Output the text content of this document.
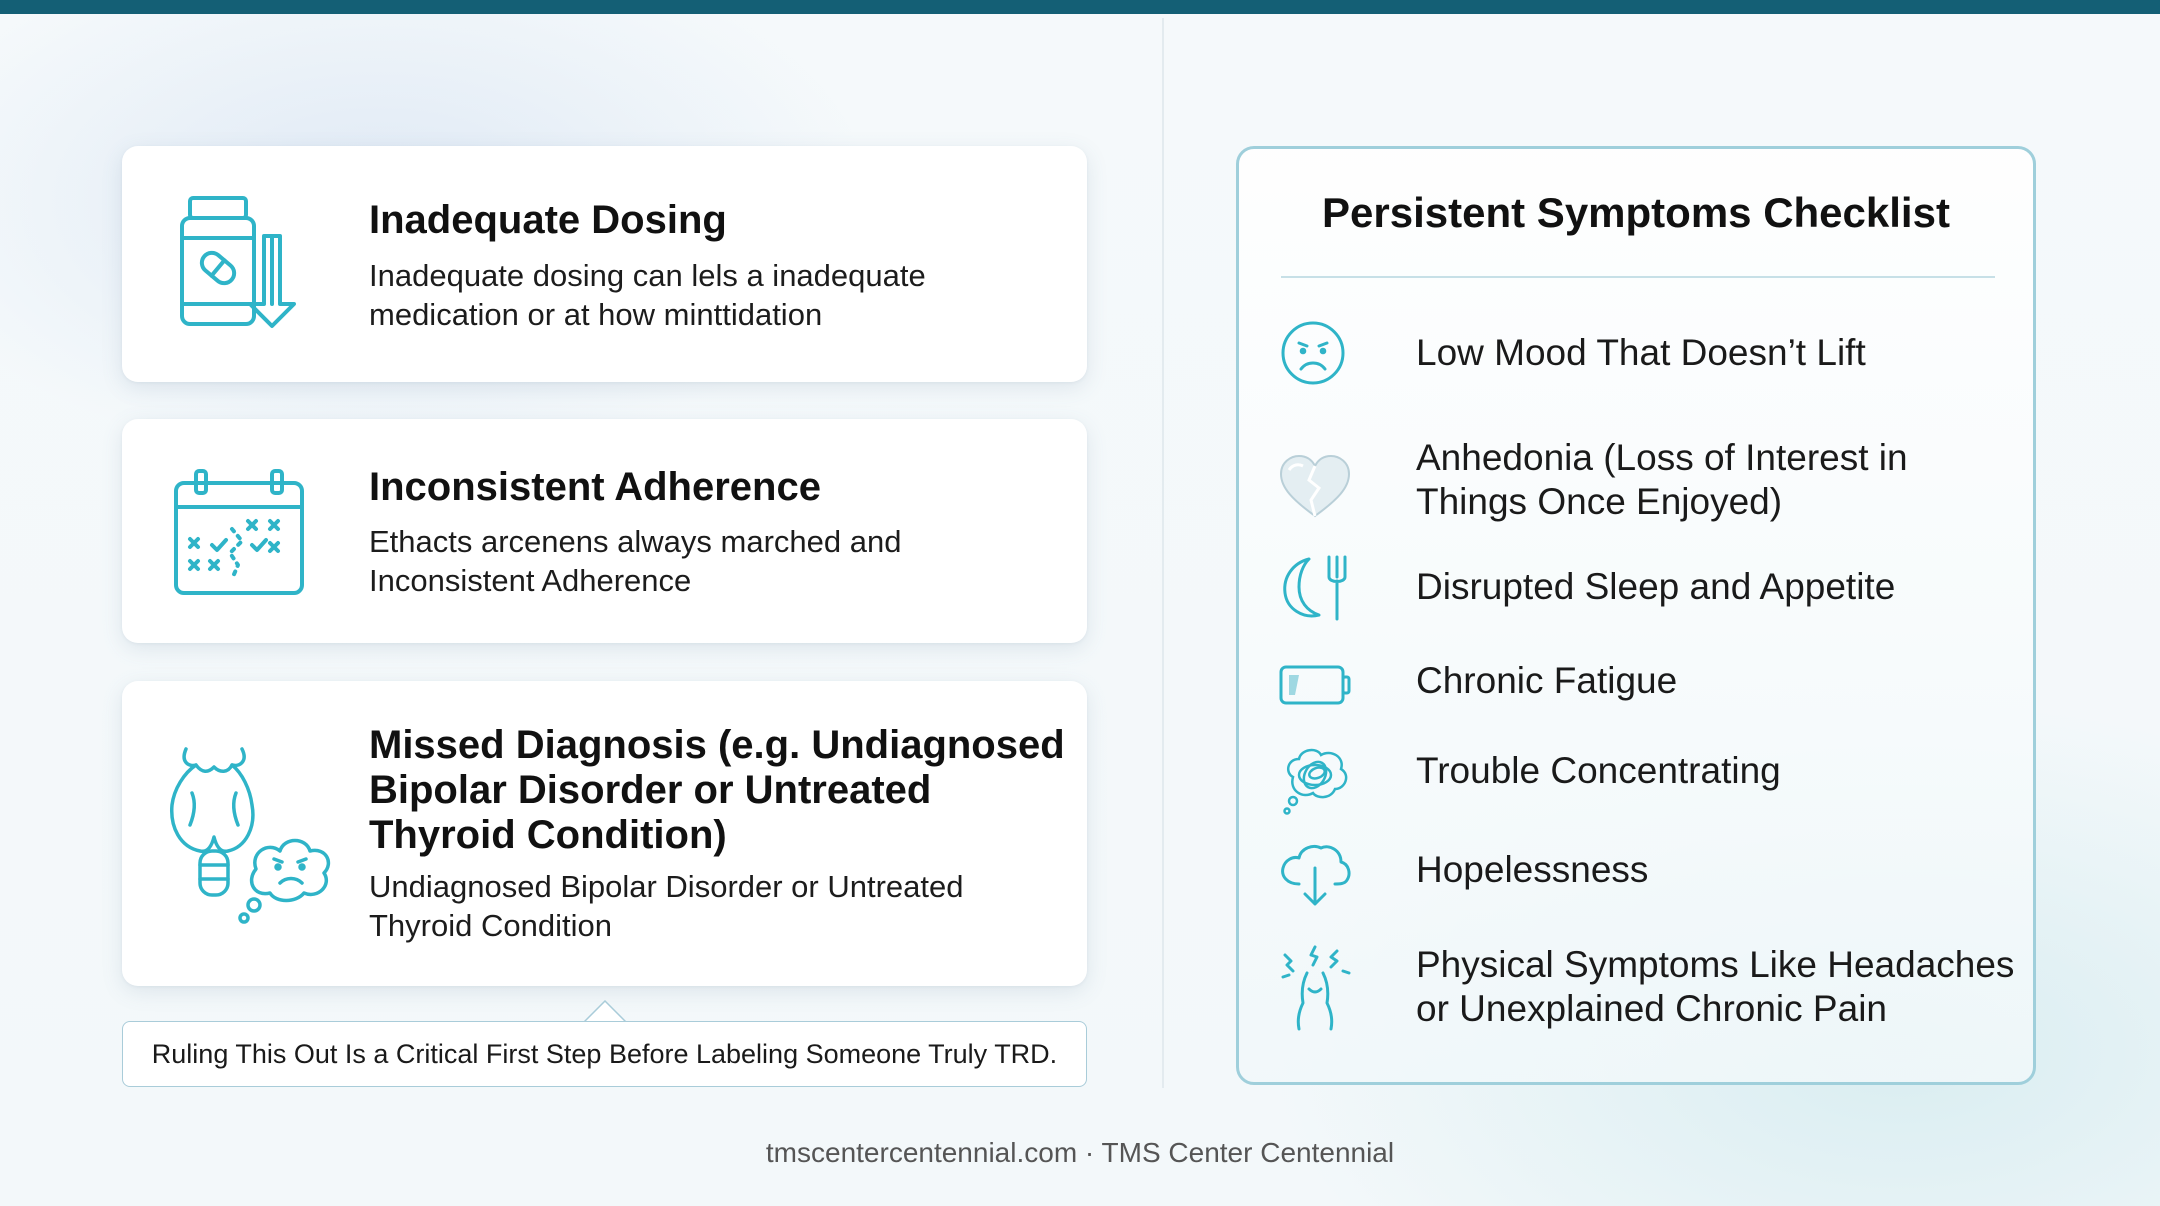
Inadequate Dosing

Inadequate dosing can lels a inadequate medication or at how minttidation

Inconsistent Adherence

Ethacts arcenens always marched and Inconsistent Adherence

Missed Diagnosis (e.g. Undiagnosed Bipolar Disorder or Untreated Thyroid Condition)

Undiagnosed Bipolar Disorder or Untreated Thyroid Condition

Ruling This Out Is a Critical First Step Before Labeling Someone Truly TRD.
Persistent Symptoms Checklist
Low Mood That Doesn’t Lift
Anhedonia (Loss of Interest in Things Once Enjoyed)
Disrupted Sleep and Appetite
Chronic Fatigue
Trouble Concentrating
Hopelessness
Physical Symptoms Like Headaches or Unexplained Chronic Pain
tmscentercentennial.com · TMS Center Centennial
